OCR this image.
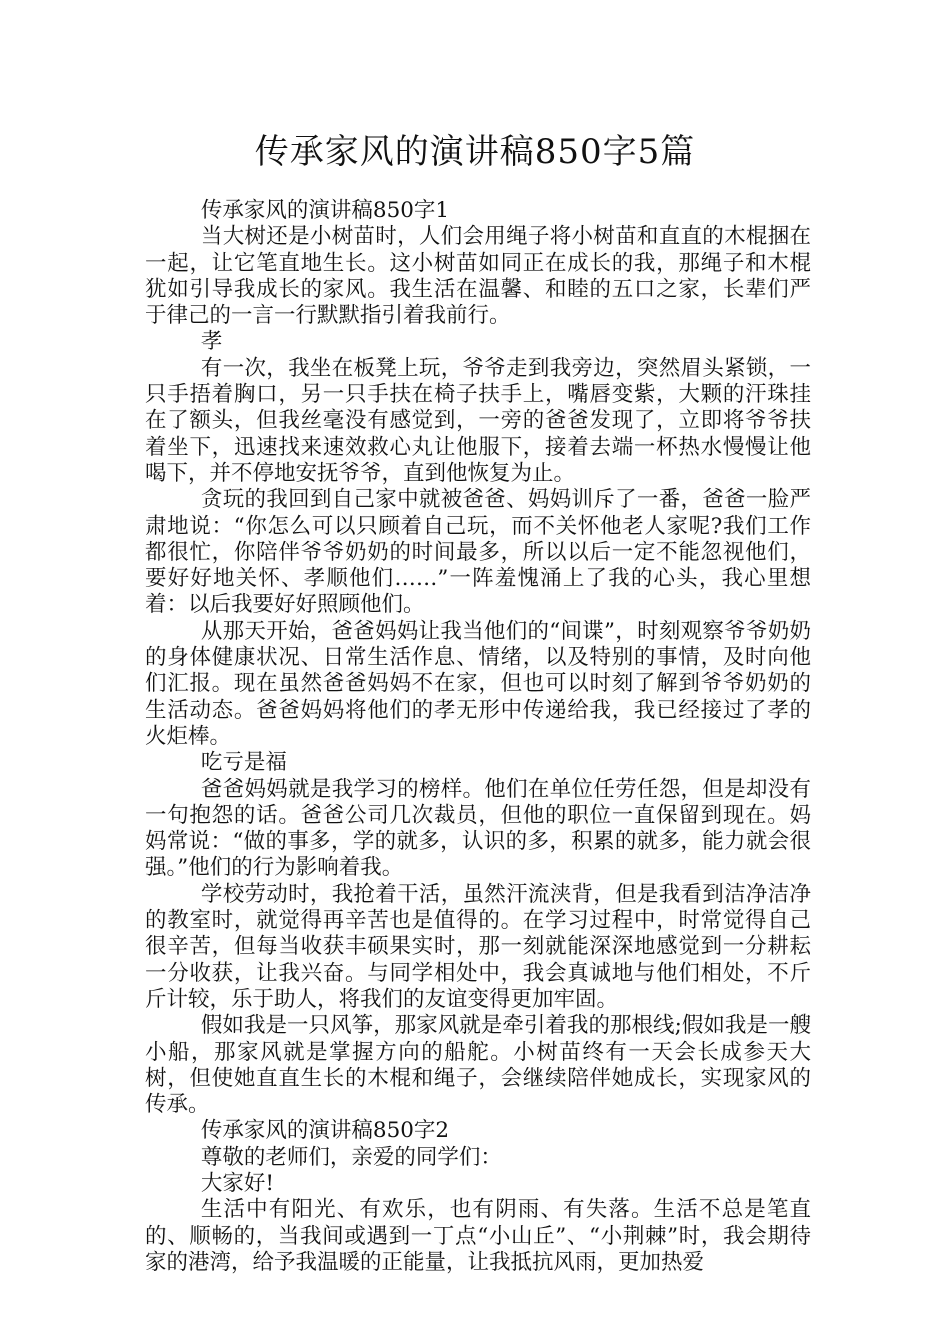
传承家风的演讲稿850字5篇

传承家风的演讲稿850字1

当大树还是小树苗时，人们会用绳子将小树苗和直直的木棍捆在一起，让它笔直地生长。这小树苗如同正在成长的我，那绳子和木棍犹如引导我成长的家风。我生活在温馨、和睦的五口之家，长辈们严于律己的一言一行默默指引着我前行。

孝

有一次，我坐在板凳上玩，爷爷走到我旁边，突然眉头紧锁，一只手捂着胸口，另一只手扶在椅子扶手上，嘴唇变紫，大颗的汗珠挂在了额头，但我丝毫没有感觉到，一旁的爸爸发现了，立即将爷爷扶着坐下，迅速找来速效救心丸让他服下，接着去端一杯热水慢慢让他喝下，并不停地安抚爷爷，直到他恢复为止。

贪玩的我回到自己家中就被爸爸、妈妈训斥了一番，爸爸一脸严肃地说：“你怎么可以只顾着自己玩，而不关怀他老人家呢?我们工作都很忙，你陪伴爷爷奶奶的时间最多，所以以后一定不能忽视他们，要好好地关怀、孝顺他们……”一阵羞愧涌上了我的心头，我心里想着：以后我要好好照顾他们。

从那天开始，爸爸妈妈让我当他们的“间谍”，时刻观察爷爷奶奶的身体健康状况、日常生活作息、情绪，以及特别的事情，及时向他们汇报。现在虽然爸爸妈妈不在家，但也可以时刻了解到爷爷奶奶的生活动态。爸爸妈妈将他们的孝无形中传递给我，我已经接过了孝的火炬棒。

吃亏是福

爸爸妈妈就是我学习的榜样。他们在单位任劳任怨，但是却没有一句抱怨的话。爸爸公司几次裁员，但他的职位一直保留到现在。妈妈常说：“做的事多，学的就多，认识的多，积累的就多，能力就会很强。”他们的行为影响着我。

学校劳动时，我抢着干活，虽然汗流浃背，但是我看到洁净洁净的教室时，就觉得再辛苦也是值得的。在学习过程中，时常觉得自己很辛苦，但每当收获丰硕果实时，那一刻就能深深地感觉到一分耕耘一分收获，让我兴奋。与同学相处中，我会真诚地与他们相处，不斤斤计较，乐于助人，将我们的友谊变得更加牢固。

假如我是一只风筝，那家风就是牵引着我的那根线;假如我是一艘小船，那家风就是掌握方向的船舵。小树苗终有一天会长成参天大树，但使她直直生长的木棍和绳子，会继续陪伴她成长，实现家风的传承。

传承家风的演讲稿850字2

尊敬的老师们，亲爱的同学们：

大家好!

生活中有阳光、有欢乐，也有阴雨、有失落。生活不总是笔直的、顺畅的，当我间或遇到一丁点“小山丘”、“小荆棘”时，我会期待家的港湾，给予我温暖的正能量，让我抵抗风雨，更加热爱
